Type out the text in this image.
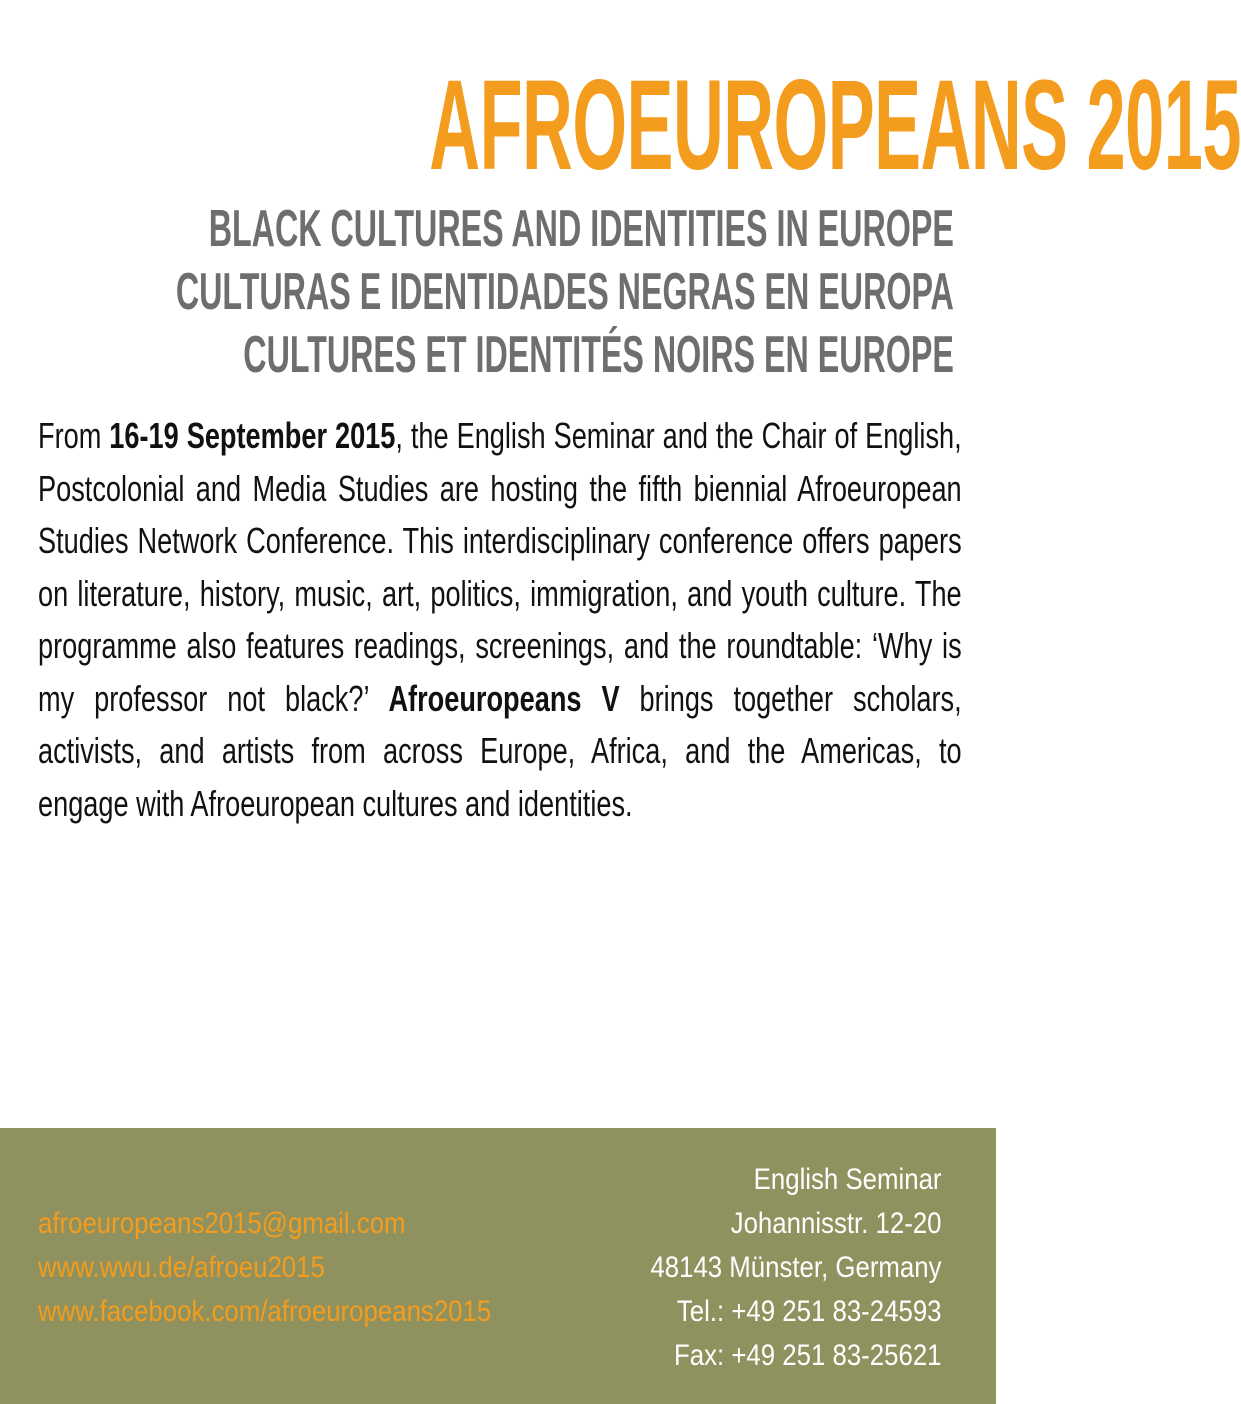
AFROEUROPEANS 2015
BLACK CULTURES AND IDENTITIES IN EUROPE
CULTURAS E IDENTIDADES NEGRAS EN EUROPA
CULTURES ET IDENTITÉS NOIRS EN EUROPE
From 16-19 September 2015, the English Seminar and the Chair of English, Postcolonial and Media Studies are hosting the fifth biennial Afroeuropean Studies Network Conference. This interdisciplinary conference offers papers on literature, history, music, art, politics, immigration, and youth culture. The programme also features readings, screenings, and the roundtable: ‘Why is my professor not black?’ Afroeuropeans V brings together scholars, activists, and artists from across Europe, Africa, and the Americas, to engage with Afroeuropean cultures and identities.
afroeuropeans2015@gmail.com
www.wwu.de/afroeu2015
www.facebook.com/afroeuropeans2015
English Seminar
Johannisstr. 12-20
48143 Münster, Germany
Tel.: +49 251 83-24593
Fax: +49 251 83-25621
